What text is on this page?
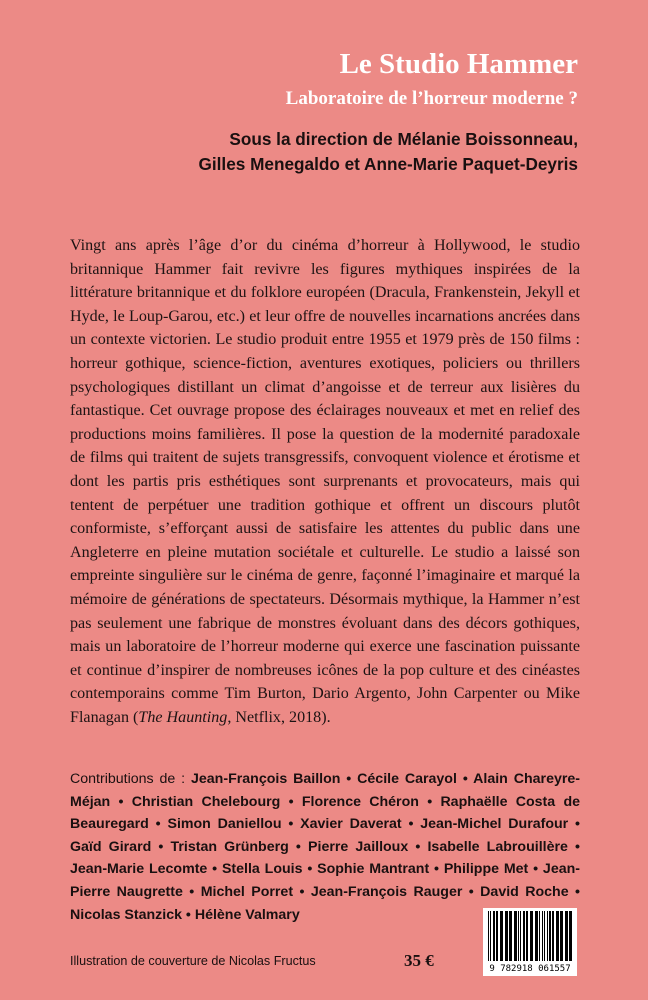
Le Studio Hammer
Laboratoire de l’horreur moderne ?
Sous la direction de Mélanie Boissonneau,
Gilles Menegaldo et Anne-Marie Paquet-Deyris
Vingt ans après l’âge d’or du cinéma d’horreur à Hollywood, le studio britannique Hammer fait revivre les figures mythiques inspirées de la littérature britannique et du folklore européen (Dracula, Frankenstein, Jekyll et Hyde, le Loup-Garou, etc.) et leur offre de nouvelles incarnations ancrées dans un contexte victorien. Le studio produit entre 1955 et 1979 près de 150 films : horreur gothique, science-fiction, aventures exotiques, policiers ou thrillers psychologiques distillant un climat d’angoisse et de terreur aux lisières du fantastique. Cet ouvrage propose des éclairages nouveaux et met en relief des productions moins familières. Il pose la question de la modernité paradoxale de films qui traitent de sujets transgressifs, convoquent violence et érotisme et dont les partis pris esthétiques sont surprenants et provocateurs, mais qui tentent de perpétuer une tradition gothique et offrent un discours plutôt conformiste, s’efforçant aussi de satisfaire les attentes du public dans une Angleterre en pleine mutation sociétale et culturelle. Le studio a laissé son empreinte singulière sur le cinéma de genre, façonné l’imaginaire et marqué la mémoire de générations de spectateurs. Désormais mythique, la Hammer n’est pas seulement une fabrique de monstres évoluant dans des décors gothiques, mais un laboratoire de l’horreur moderne qui exerce une fascination puissante et continue d’inspirer de nombreuses icônes de la pop culture et des cinéastes contemporains comme Tim Burton, Dario Argento, John Carpenter ou Mike Flanagan (The Haunting, Netflix, 2018).
Contributions de : Jean-François Baillon • Cécile Carayol • Alain Chareyre-Méjan • Christian Chelebourg • Florence Chéron • Raphaëlle Costa de Beauregard • Simon Daniellou • Xavier Daverat • Jean-Michel Durafour • Gaïd Girard • Tristan Grünberg • Pierre Jailloux • Isabelle Labrouillère • Jean-Marie Lecomte • Stella Louis • Sophie Mantrant • Philippe Met • Jean-Pierre Naugrette • Michel Porret • Jean-François Rauger • David Roche • Nicolas Stanzick • Hélène Valmary
Illustration de couverture de Nicolas Fructus	35 €	9 782918 061557
